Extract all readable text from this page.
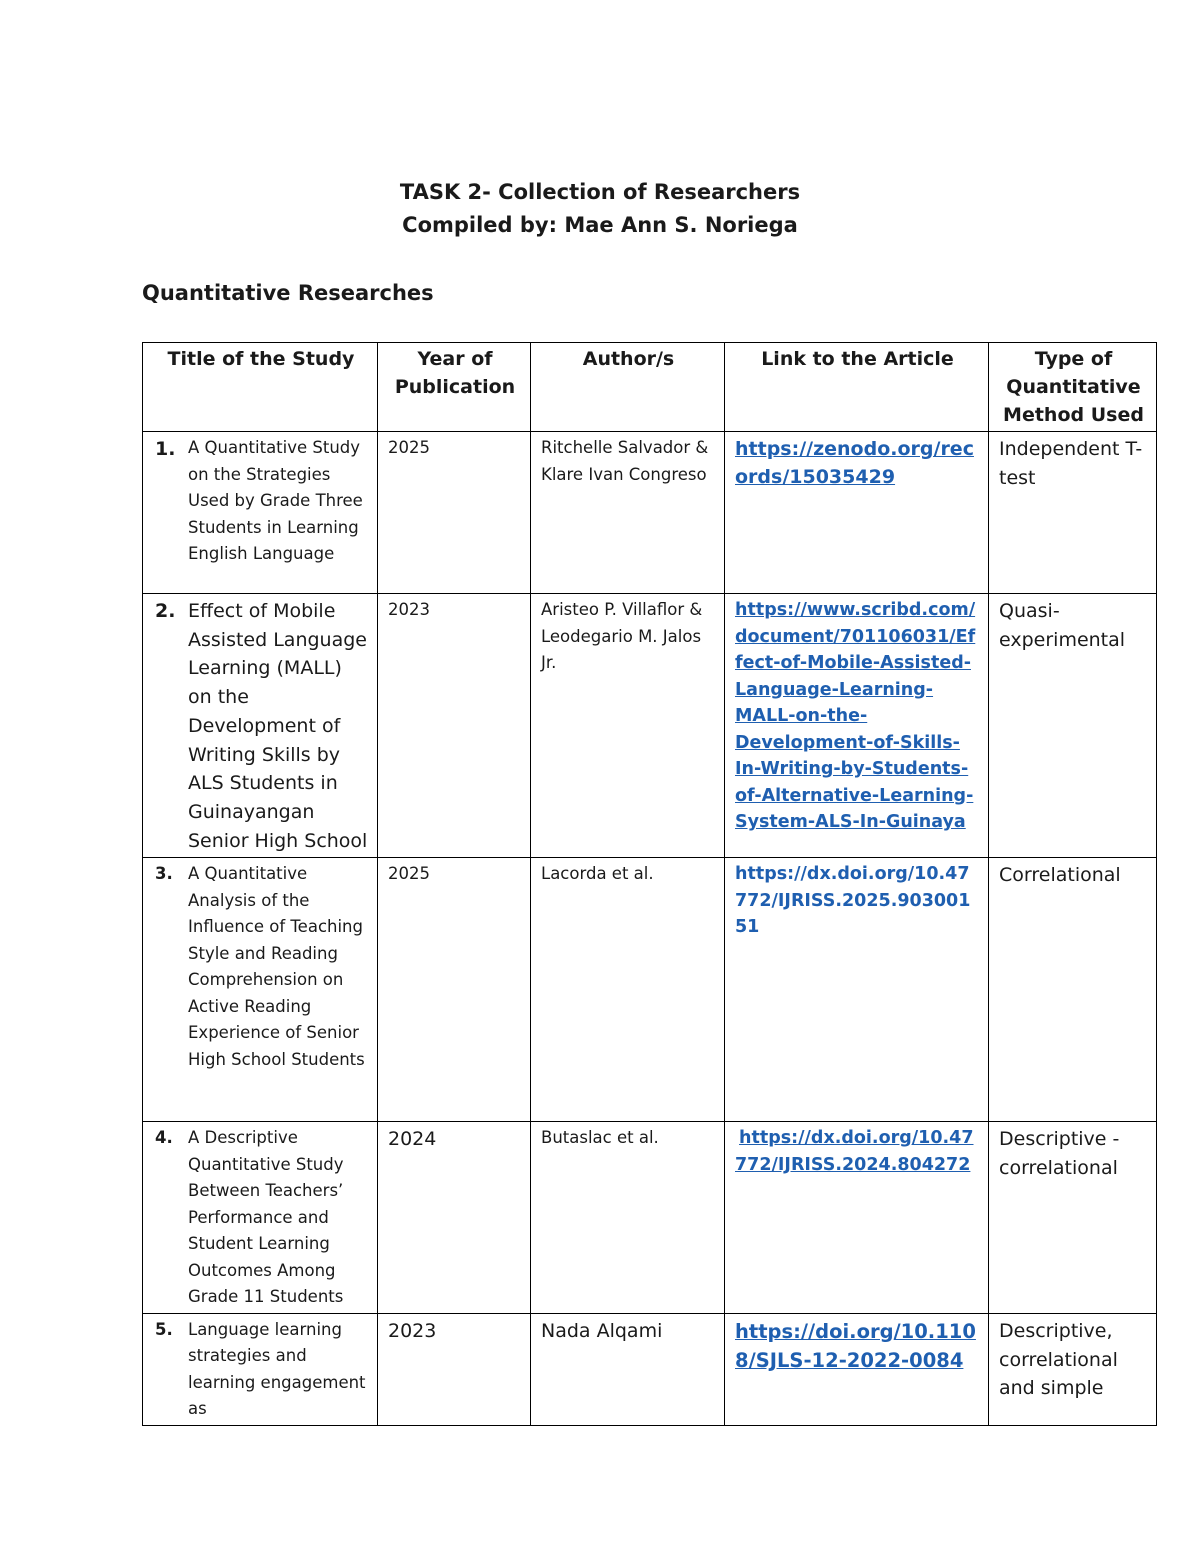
TASK 2- Collection of Researchers
Compiled by: Mae Ann S. Noriega
Quantitative Researches
Title of the Study	Year of Publication	Author/s	Link to the Article	Type of Quantitative Method Used

1. A Quantitative Study on the Strategies Used by Grade Three Students in Learning English Language	2025	Ritchelle Salvador & Klare Ivan Congreso	https://zenodo.org/records/15035429	Independent T-test

2. Effect of Mobile Assisted Language Learning (MALL) on the Development of Writing Skills by ALS Students in Guinayangan Senior High School	2023	Aristeo P. Villaflor & Leodegario M. Jalos Jr.	https://www.scribd.com/document/701106031/Effect-of-Mobile-Assisted-Language-Learning-MALL-on-the-Development-of-Skills-In-Writing-by-Students-of-Alternative-Learning-System-ALS-In-Guinaya	Quasi-experimental

3. A Quantitative Analysis of the Influence of Teaching Style and Reading Comprehension on Active Reading Experience of Senior High School Students	2025	Lacorda et al.	https://dx.doi.org/10.47772/IJRISS.2025.90300151	Correlational

4. A Descriptive Quantitative Study Between Teachers’ Performance and Student Learning Outcomes Among Grade 11 Students	2024	Butaslac et al.	https://dx.doi.org/10.47772/IJRISS.2024.804272	Descriptive - correlational

5. Language learning strategies and learning engagement as	2023	Nada Alqami	https://doi.org/10.1108/SJLS-12-2022-0084	Descriptive, correlational and simple
